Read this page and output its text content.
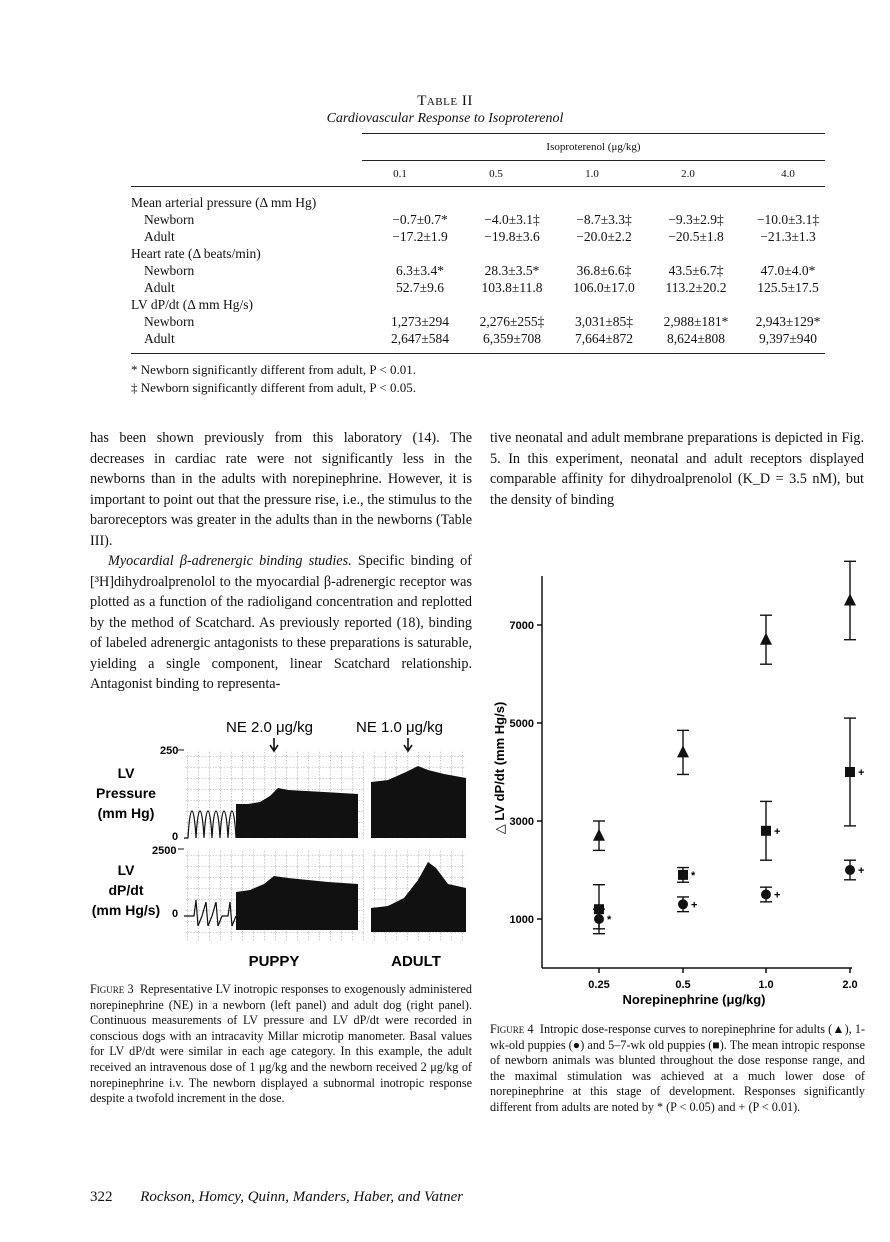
Table II
Cardiovascular Response to Isoproterenol
Isoproterenol (μg/kg)
0.1	0.5	1.0	2.0	4.0
Mean arterial pressure (Δ mm Hg)					
Newborn	−0.7±0.7*	−4.0±3.1‡	−8.7±3.3‡	−9.3±2.9‡	−10.0±3.1‡
Adult	−17.2±1.9	−19.8±3.6	−20.0±2.2	−20.5±1.8	−21.3±1.3
Heart rate (Δ beats/min)					
Newborn	6.3±3.4*	28.3±3.5*	36.8±6.6‡	43.5±6.7‡	47.0±4.0*
Adult	52.7±9.6	103.8±11.8	106.0±17.0	113.2±20.2	125.5±17.5
LV dP/dt (Δ mm Hg/s)					
Newborn	1,273±294	2,276±255‡	3,031±85‡	2,988±181*	2,943±129*
Adult	2,647±584	6,359±708	7,664±872	8,624±808	9,397±940
* Newborn significantly different from adult, P < 0.01.
‡ Newborn significantly different from adult, P < 0.05.

has been shown previously from this laboratory (14). The decreases in cardiac rate were not significantly less in the newborns than in the adults with norepinephrine. However, it is important to point out that the pressure rise, i.e., the stimulus to the baroreceptors was greater in the adults than in the newborns (Table III).

Myocardial β-adrenergic binding studies. Specific binding of [³H]dihydroalprenolol to the myocardial β-adrenergic receptor was plotted as a function of the radioligand concentration and replotted by the method of Scatchard. As previously reported (18), binding of labeled adrenergic antagonists to these preparations is saturable, yielding a single component, linear Scatchard relationship. Antagonist binding to representa-

tive neonatal and adult membrane preparations is depicted in Fig. 5. In this experiment, neonatal and adult receptors displayed comparable affinity for dihydroalprenolol (K_D = 3.5 nM), but the density of binding

NE 2.0 μg/kg	NE 1.0 μg/kg
250
0
2500
0
LV
Pressure
(mm Hg)
LV
dP/dt
(mm Hg/s)
PUPPY	ADULT
Figure 3 Representative LV inotropic responses to exogenously administered norepinephrine (NE) in a newborn (left panel) and adult dog (right panel). Continuous measurements of LV pressure and LV dP/dt were recorded in conscious dogs with an intracavity Millar microtip manometer. Basal values for LV dP/dt were similar in each age category. In this example, the adult received an intravenous dose of 1 μg/kg and the newborn received 2 μg/kg of norepinephrine i.v. The newborn displayed a subnormal inotropic response despite a twofold increment in the dose.
1000
3000
5000
7000
0.25	0.5	1.0	2.0
*
+
+
+
*
+
+
△ LV dP/dt (mm Hg/s)
Norepinephrine (μg/kg)
Figure 4 Intropic dose-response curves to norepinephrine for adults (▲), 1-wk-old puppies (●) and 5–7-wk old puppies (■). The mean intropic response of newborn animals was blunted throughout the dose response range, and the maximal stimulation was achieved at a much lower dose of norepinephrine at this stage of development. Responses significantly different from adults are noted by * (P < 0.05) and + (P < 0.01).
322 Rockson, Homcy, Quinn, Manders, Haber, and Vatner
